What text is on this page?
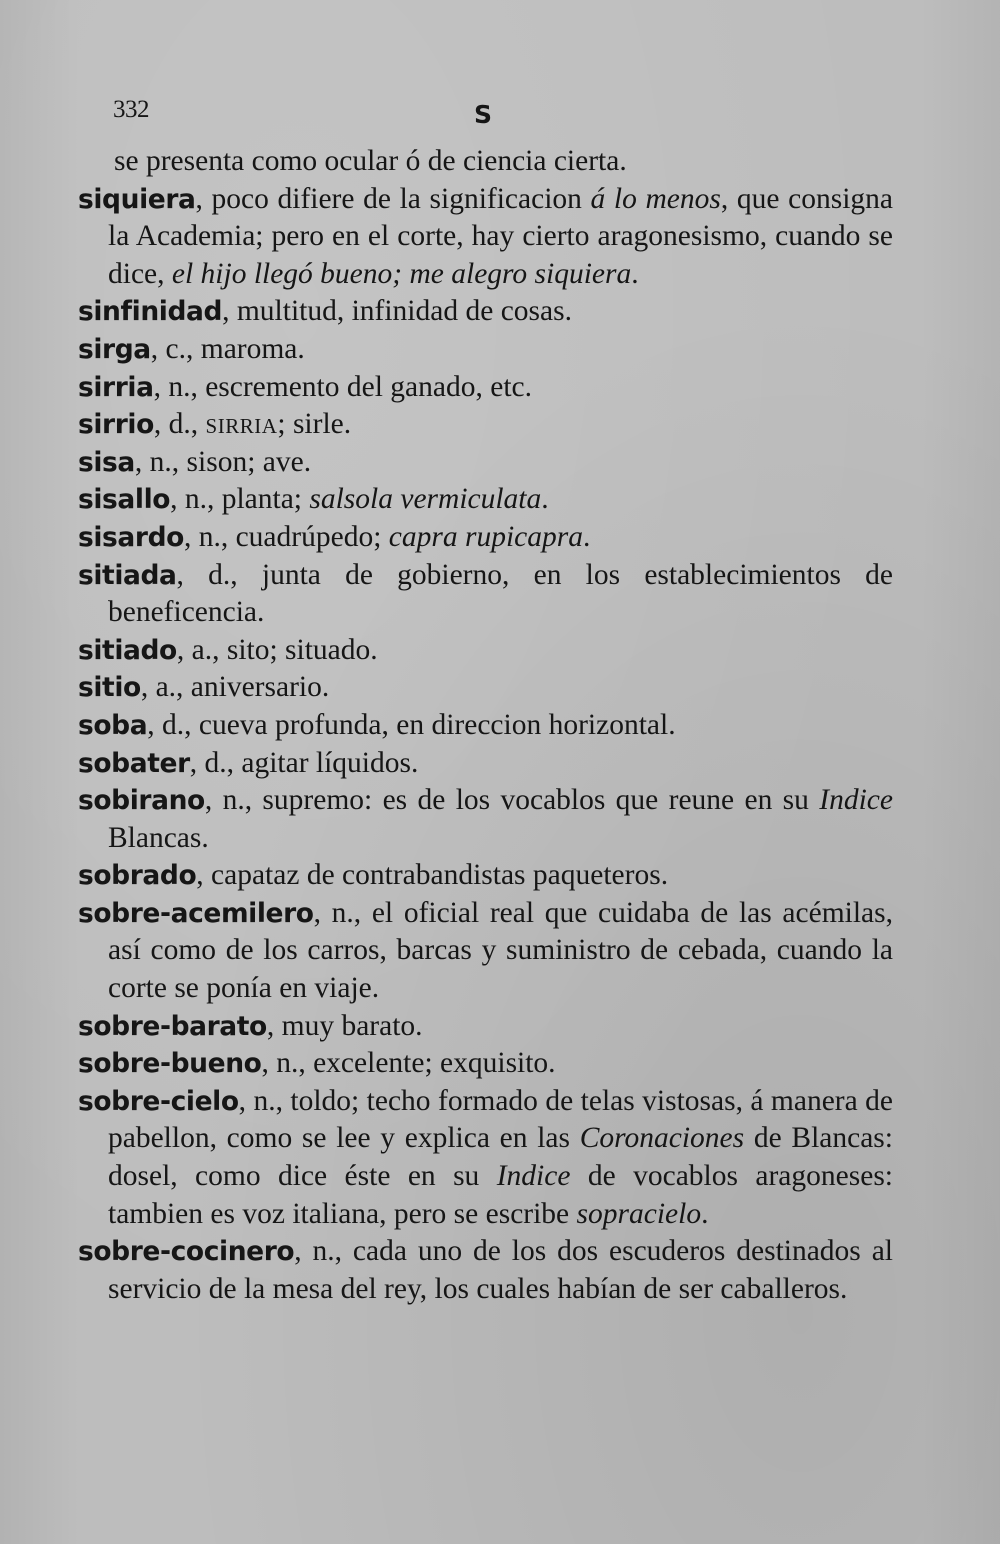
332	S

se presenta como ocular ó de ciencia cierta.

siquiera, poco difiere de la significacion á lo menos, que consigna la Academia; pero en el corte, hay cierto aragonesismo, cuando se dice, el hijo llegó bueno; me alegro siquiera.

sinfinidad, multitud, infinidad de cosas.

sirga, c., maroma.

sirria, n., escremento del ganado, etc.

sirrio, d., sirria; sirle.

sisa, n., sison; ave.

sisallo, n., planta; salsola vermiculata.

sisardo, n., cuadrúpedo; capra rupicapra.

sitiada, d., junta de gobierno, en los establecimientos de beneficencia.

sitiado, a., sito; situado.

sitio, a., aniversario.

soba, d., cueva profunda, en direccion horizontal.

sobater, d., agitar líquidos.

sobirano, n., supremo: es de los vocablos que reune en su Indice Blancas.

sobrado, capataz de contrabandistas paqueteros.

sobre-acemilero, n., el oficial real que cuidaba de las acémilas, así como de los carros, barcas y suministro de cebada, cuando la corte se ponía en viaje.

sobre-barato, muy barato.

sobre-bueno, n., excelente; exquisito.

sobre-cielo, n., toldo; techo formado de telas vistosas, á manera de pabellon, como se lee y explica en las Coronaciones de Blancas: dosel, como dice éste en su Indice de vocablos aragoneses: tambien es voz italiana, pero se escribe sopracielo.

sobre-cocinero, n., cada uno de los dos escuderos destinados al servicio de la mesa del rey, los cuales habían de ser caballeros.
